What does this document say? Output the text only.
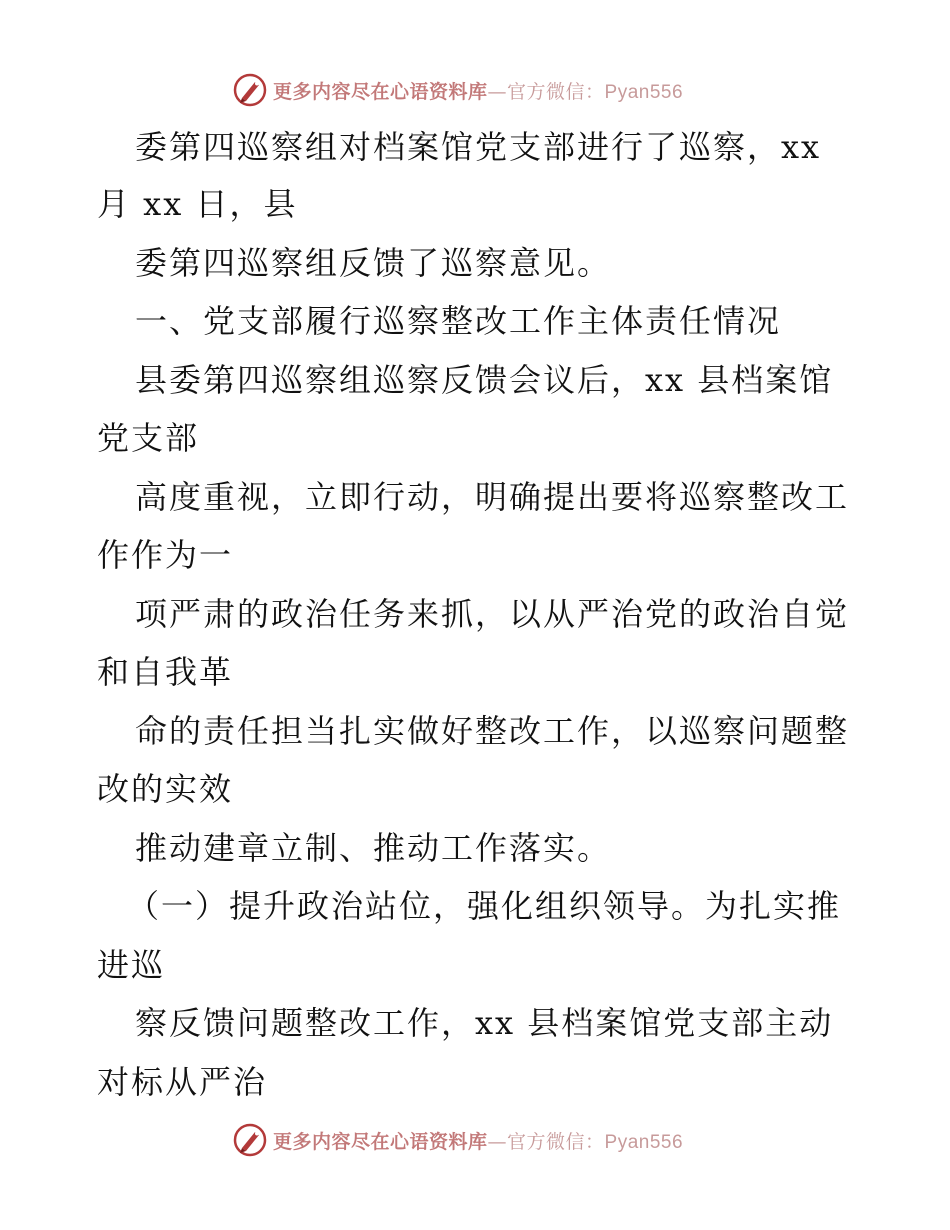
更多内容尽在心语资料库—官方微信：Pyan556
委第四巡察组对档案馆党支部进行了巡察，xx
月 xx 日，县
委第四巡察组反馈了巡察意见。
一、党支部履行巡察整改工作主体责任情况
县委第四巡察组巡察反馈会议后，xx 县档案馆
党支部
高度重视，立即行动，明确提出要将巡察整改工
作作为一
项严肃的政治任务来抓，以从严治党的政治自觉
和自我革
命的责任担当扎实做好整改工作，以巡察问题整
改的实效
推动建章立制、推动工作落实。
（一）提升政治站位，强化组织领导。为扎实推
进巡
察反馈问题整改工作，xx 县档案馆党支部主动
对标从严治
更多内容尽在心语资料库—官方微信：Pyan556
